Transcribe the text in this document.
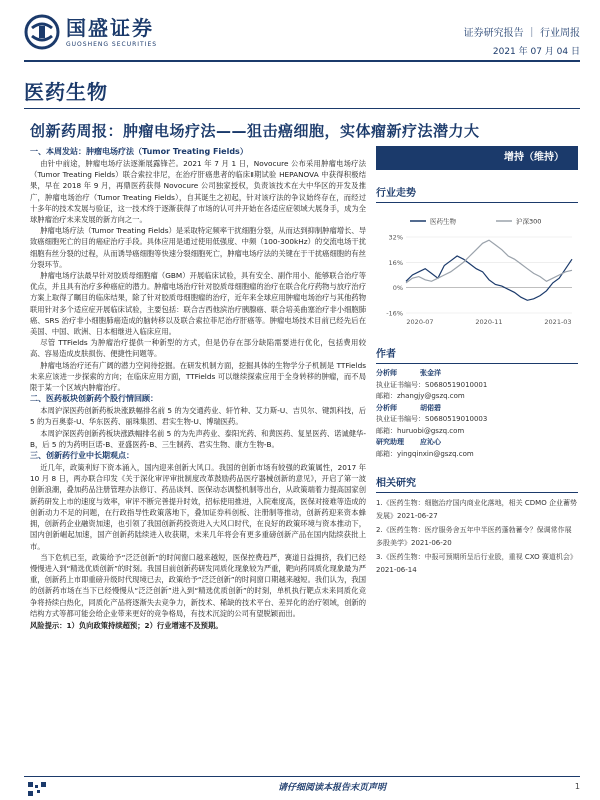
国盛证券
GUOSHENG SECURITIES
证券研究报告 ｜ 行业周报
2021 年 07 月 04 日
医药生物
创新药周报：肿瘤电场疗法——狙击癌细胞，实体瘤新疗法潜力大
一、本周发站：肿瘤电场疗法（Tumor Treating Fields）

由针中前途，肿瘤电场疗法逐渐展露锋芒。2021 年 7 月 1 日，Novocure 公布采用肿瘤电场疗法（Tumor Treating Fields）联合索拉非尼，在治疗肝癌患者的临床Ⅱ期试验 HEPANOVA 中获得积极结果，早在 2018 年 9 月，再鼎医药获得 Novocure 公司独家授权，负责该技术在大中华区的开发及推广，肿瘤电场治疗（Tumor Treating Fields），自其诞生之初起，针对该疗法的争议始终存在，而经过十多年的技术发展与验证，这一技术终于逐渐获得了市场的认可并开始在各适应症领域大展身手，成为全球肿瘤治疗未来发展的新方向之一。

肿瘤电场疗法（Tumor Treating Fields）是采取特定频率干扰细胞分裂，从而达到抑制肿瘤增长、导致癌细胞死亡的目的癌症治疗手段。具体应用是通过使用低强度、中频（100-300kHz）的交流电场干扰细胞有丝分裂的过程，从而诱导癌细胞等快速分裂细胞死亡，肿瘤电场疗法的关键在于干扰癌细胞的有丝分裂环节。

肿瘤电场疗法最早针对胶质母细胞瘤（GBM）开展临床试验，具有安全、副作用小、能够联合治疗等优点，并且具有治疗多种癌症的潜力。肿瘤电场治疗针对胶质母细胞瘤的治疗在联合化疗药物与放疗治疗方案上取得了瞩目的临床结果，除了针对胶质母细胞瘤的治疗，近年来全球应用肿瘤电场治疗与其他药物联用针对多个适应症开展临床试验，主要包括：联合吉西他滨治疗胰腺癌、联合培美曲塞治疗非小细胞肺癌、SRS 治疗非小细胞肺癌造成的脑转移以及联合索拉菲尼治疗肝癌等。肿瘤电场技术目前已经先后在美国、中国、欧洲、日本相继进入临床应用。

尽管 TTFields 为肿瘤治疗提供一种新型的方式，但是仍存在部分缺陷需要进行优化，包括费用较高、容易造成皮肤损伤、便捷性问题等。

肿瘤电场治疗还有广阔的潜力空间待挖掘。在研发机制方面，挖掘具体的生物学分子机制是 TTFields 未来应该进一步探索的方向；在临床应用方面，TTFields 可以继续探索应用于全身转移的肿瘤，而不局限于某一个区域内肿瘤治疗。

二、医药板块创新药个股行情回顾：

本周沪深医药创新药板块涨跌幅排名前 5 的为交通药业、轩竹种、艾力斯-U、吉贝尔、键凯科技，后 5 的为百奥泰-U、华东医药、丽珠集团、君实生物-U、博瑞医药。

本周沪深医药创新药板块涨跌幅排名前 5 的为先声药业、泰阳光药、和黄医药、复星医药、诺诚健华-B，后 5 的为药明巨诺-B、亚盛医药-B、三生制药、君实生物、康方生物-B。

三、创新药行业中长期观点：

近几年，政策利好下资本涌入，国内迎来创新大风口。我国的创新市场有较强的政策属性，2017 年 10 月 8 日，两办联合印发《关于深化审评审批制度改革鼓励药品医疗器械创新的意见》，开启了第一波创新浪潮，叠加药品注册管理办法修订、药品谈判、医保动态调整机制等出台，从政策端着力提高国家创新药研发上市的速度与效率，审评不断完善提升时效，招标使用推进，入院难度高，医保对接难等造成的创新动力不足的问题，在行政指导性政策落地下，叠加证券科创板、注册制等推动，创新药迎来资本蜂拥，创新药企业融资加速，也引领了我国创新药投资进入大风口时代，在良好的政策环境与资本推动下，国内创新崛起加速，国产创新药陆续进入收获期，未来几年将会有更多重磅创新产品在国内陆续获批上市。

当下危机已至，政策给予“泛泛创新”的时间窗口越来越短，医保控费趋严，赛道日益拥挤，我们已经慢慢进入到“精选优质创新”的时刻。我国目前创新药研发同质化现象较为严重，靶向药同质化现象最为严重，创新药上市即重磅升级时代现境已去，政策给予“泛泛创新”的时间窗口期越来越短。我们认为，我国的创新药市场在当下已经慢慢从“泛泛创新”进入到“精选优质创新”的时刻，单机执行靶点未来同质化竞争将持续白热化，同质化产品将逐渐失去竞争力，新技术、稀缺的技术平台、差异化的治疗领域，创新的结构方式等都可能会给企业带来更好的竞争格局，有技术沉淀的公司有望脱颖而出。

风险提示：1）负向政策持续超预；2）行业增速不及预期。

增持（维持）
行业走势
32%
16%
0%
-16%
2020-07	2020-11	2021-03
医药生物	沪深300
作者
分析师	张金洋
执业证书编号：S0680519010001
邮箱：zhangjy@gszq.com
分析师	胡偌碧
执业证书编号：S0680519010003
邮箱：huruobi@gszq.com
研究助理	应沁心
邮箱：yingqinxin@gszq.com
相关研究
1.《医药生物：细胞治疗国内商业化落地，相关 CDMO 企业蓄势发展》2021-06-27
2.《医药生物：医疗服务舍五年中半医药蓬勃蓄令？保调常作展多股美学》2021-06-20
3.《医药生物：中报可预期所呈后行业股，重视 CXO 赛道机会》2021-06-14
请仔细阅读本报告末页声明	1
